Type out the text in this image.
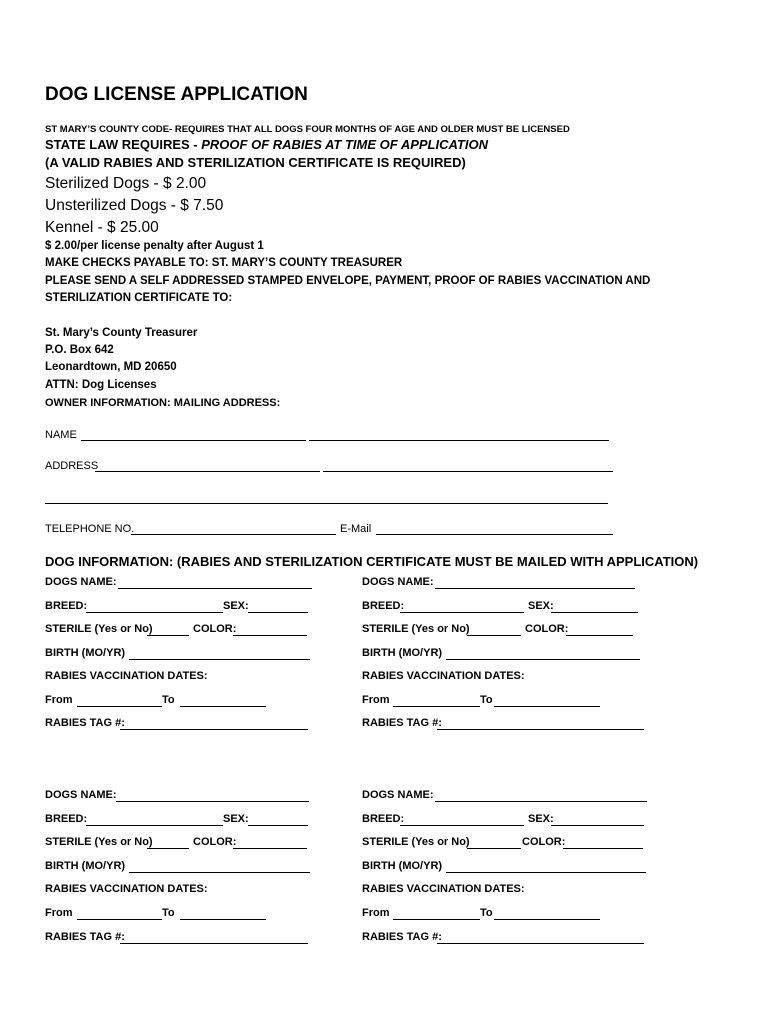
DOG LICENSE APPLICATION
ST MARY’S COUNTY CODE- REQUIRES THAT ALL DOGS FOUR MONTHS OF AGE AND OLDER MUST BE LICENSED
STATE LAW REQUIRES - PROOF OF RABIES AT TIME OF APPLICATION
(A VALID RABIES AND STERILIZATION CERTIFICATE IS REQUIRED)
Sterilized Dogs - $ 2.00
Unsterilized Dogs - $ 7.50
Kennel - $ 25.00
$ 2.00/per license penalty after August 1
MAKE CHECKS PAYABLE TO: ST. MARY’S COUNTY TREASURER
PLEASE SEND A SELF ADDRESSED STAMPED ENVELOPE, PAYMENT, PROOF OF RABIES VACCINATION AND
STERILIZATION CERTIFICATE TO:
St. Mary’s County Treasurer
P.O. Box 642
Leonardtown, MD 20650
ATTN: Dog Licenses
OWNER INFORMATION: MAILING ADDRESS:
NAME
ADDRESS
TELEPHONE NO.	E-Mail
DOG INFORMATION: (RABIES AND STERILIZATION CERTIFICATE MUST BE MAILED WITH APPLICATION)
DOGS NAME:
BREED:	SEX:
STERILE (Yes or No)	COLOR:
BIRTH (MO/YR)
RABIES VACCINATION DATES:
From	To
RABIES TAG #:
DOGS NAME:
BREED:	SEX:
STERILE (Yes or No)	COLOR:
BIRTH (MO/YR)
RABIES VACCINATION DATES:
From	To
RABIES TAG #:
DOGS NAME:
BREED:	SEX:
STERILE (Yes or No)	COLOR:
BIRTH (MO/YR)
RABIES VACCINATION DATES:
From	To
RABIES TAG #:
DOGS NAME:
BREED:	SEX:
STERILE (Yes or No)	COLOR:
BIRTH (MO/YR)
RABIES VACCINATION DATES:
From	To
RABIES TAG #:
